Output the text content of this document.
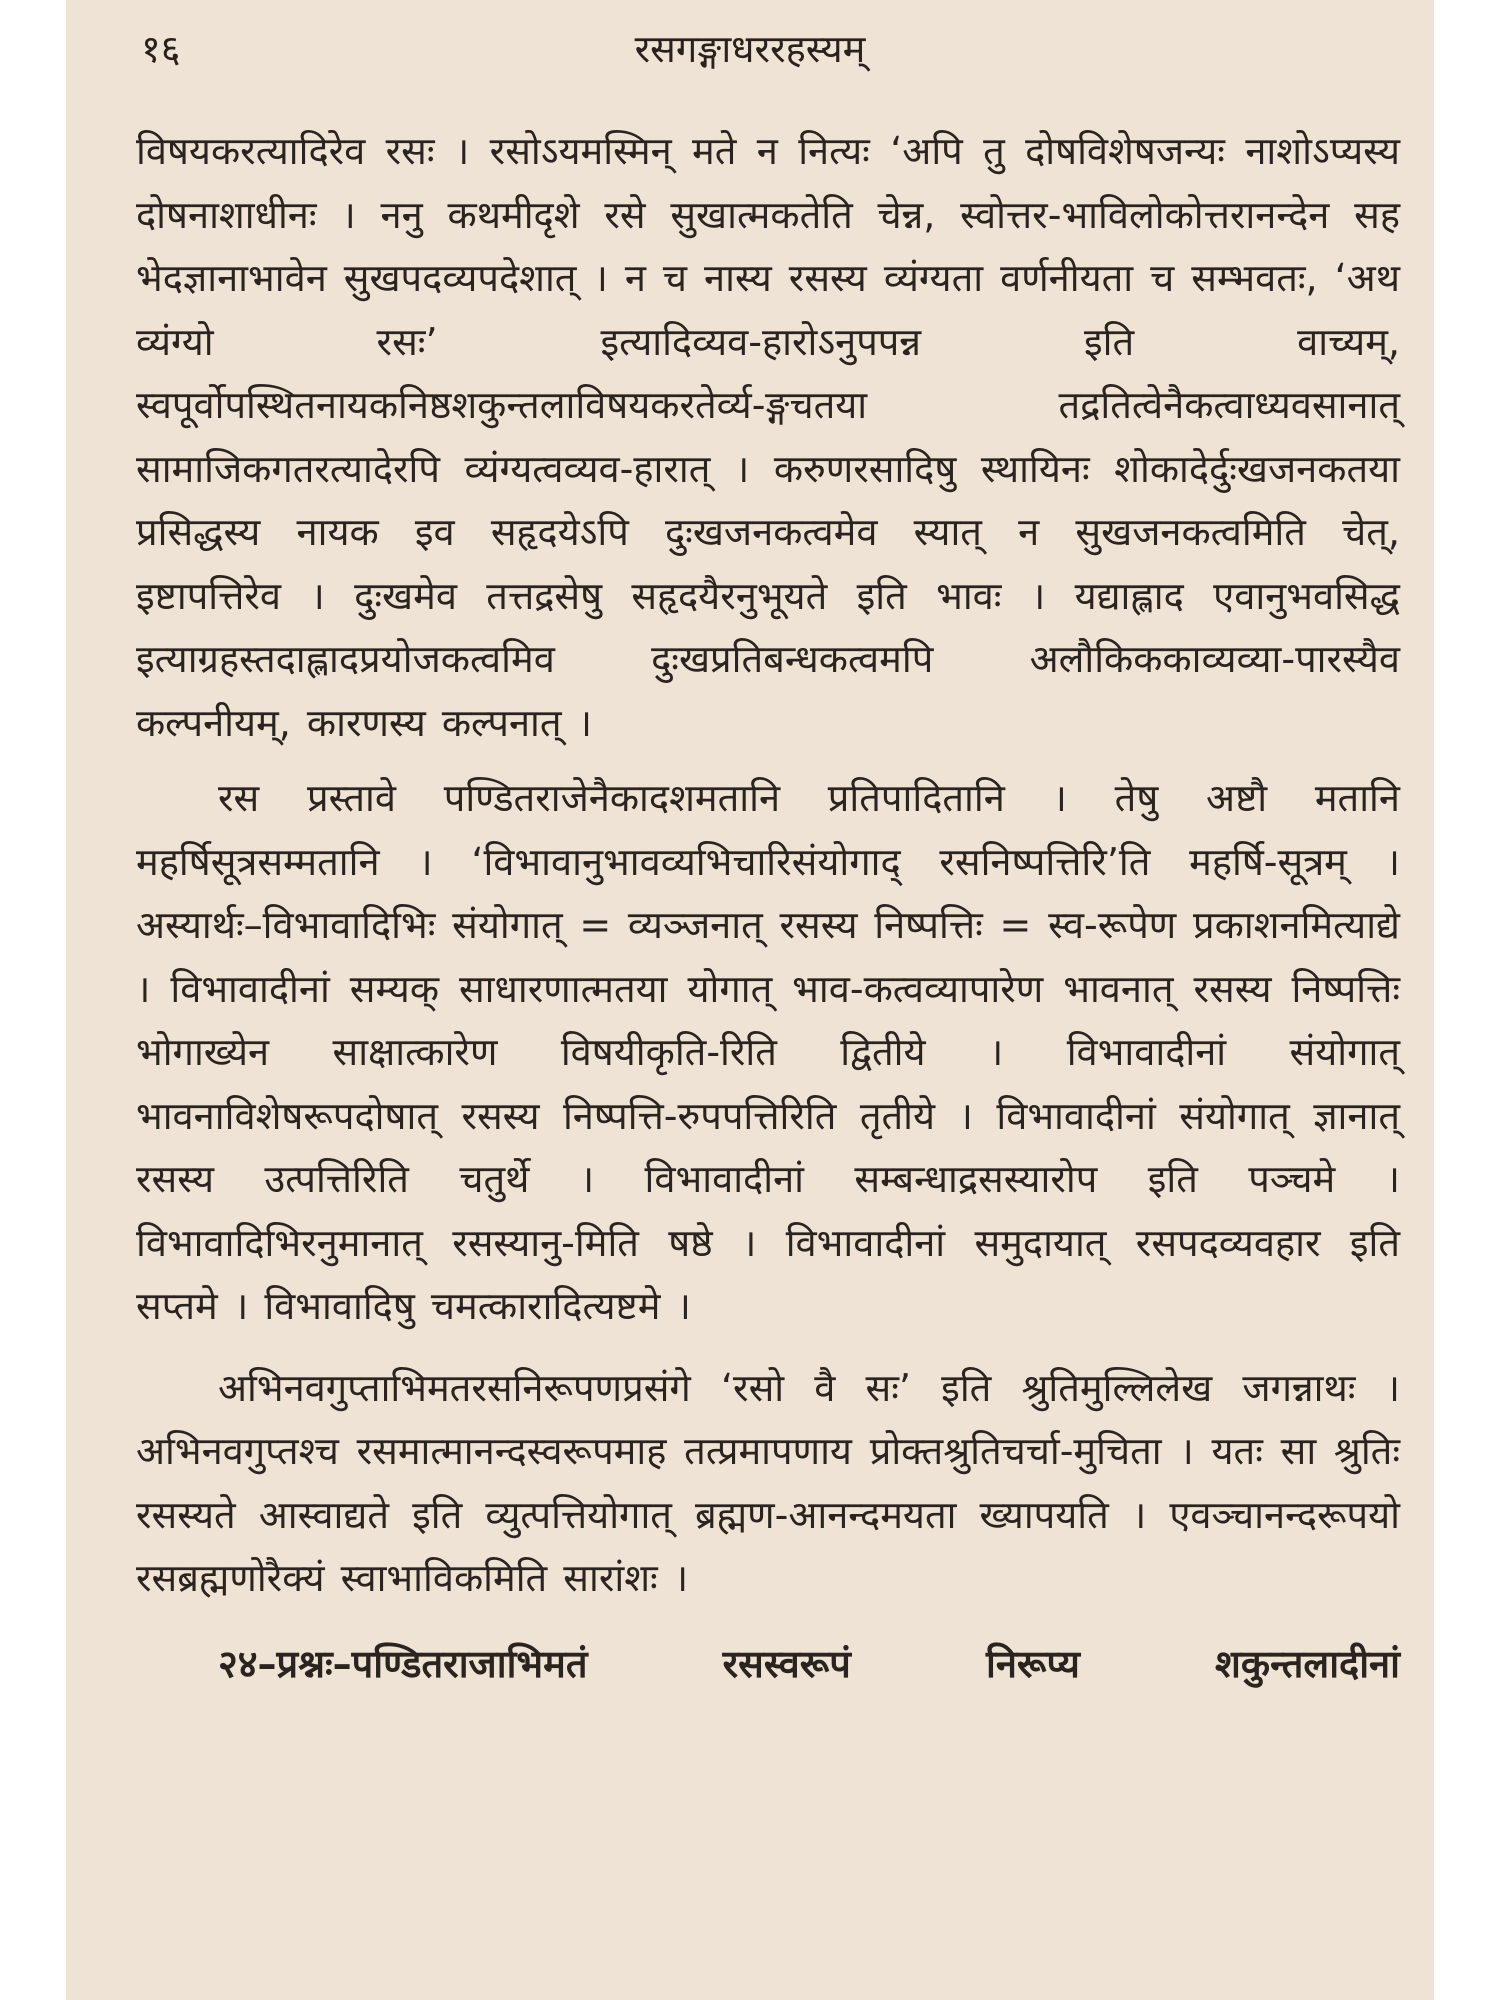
१६	रसगङ्गाधररहस्यम्

विषयकरत्यादिरेव रसः । रसोऽयमस्मिन् मते न नित्यः ‘अपि तु दोषविशेषजन्यः नाशोऽप्यस्य दोषनाशाधीनः । ननु कथमीदृशे रसे सुखात्मकतेति चेन्न, स्वोत्तर-भाविलोकोत्तरानन्देन सह भेदज्ञानाभावेन सुखपदव्यपदेशात् । न च नास्य रसस्य व्यंग्यता वर्णनीयता च सम्भवतः, ‘अथ व्यंग्यो रसः’ इत्यादिव्यव-हारोऽनुपपन्न इति वाच्यम्, स्वपूर्वोपस्थितनायकनिष्ठशकुन्तलाविषयकरतेर्व्य-ङ्गचतया तद्रतित्वेनैकत्वाध्यवसानात् सामाजिकगतरत्यादेरपि व्यंग्यत्वव्यव-हारात् । करुणरसादिषु स्थायिनः शोकादेर्दुःखजनकतया प्रसिद्धस्य नायक इव सहृदयेऽपि दुःखजनकत्वमेव स्यात् न सुखजनकत्वमिति चेत्, इष्टापत्तिरेव । दुःखमेव तत्तद्रसेषु सहृदयैरनुभूयते इति भावः । यद्याह्लाद एवानुभवसिद्ध इत्याग्रहस्तदाह्लादप्रयोजकत्वमिव दुःखप्रतिबन्धकत्वमपि अलौकिककाव्यव्या-पारस्यैव कल्पनीयम्, कारणस्य कल्पनात् ।

रस प्रस्तावे पण्डितराजेनैकादशमतानि प्रतिपादितानि । तेषु अष्टौ मतानि महर्षिसूत्रसम्मतानि । ‘विभावानुभावव्यभिचारिसंयोगाद् रसनिष्पत्तिरि’ति महर्षि-सूत्रम् । अस्यार्थः–विभावादिभिः संयोगात् = व्यञ्जनात् रसस्य निष्पत्तिः = स्व-रूपेण प्रकाशनमित्याद्ये । विभावादीनां सम्यक् साधारणात्मतया योगात् भाव-कत्वव्यापारेण भावनात् रसस्य निष्पत्तिः भोगाख्येन साक्षात्कारेण विषयीकृति-रिति द्वितीये । विभावादीनां संयोगात् भावनाविशेषरूपदोषात् रसस्य निष्पत्ति-रुपपत्तिरिति तृतीये । विभावादीनां संयोगात् ज्ञानात् रसस्य उत्पत्तिरिति चतुर्थे । विभावादीनां सम्बन्धाद्रसस्यारोप इति पञ्चमे । विभावादिभिरनुमानात् रसस्यानु-मिति षष्ठे । विभावादीनां समुदायात् रसपदव्यवहार इति सप्तमे । विभावादिषु चमत्कारादित्यष्टमे ।

अभिनवगुप्ताभिमतरसनिरूपणप्रसंगे ‘रसो वै सः’ इति श्रुतिमुल्लिलेख जगन्नाथः । अभिनवगुप्तश्च रसमात्मानन्दस्वरूपमाह तत्प्रमापणाय प्रोक्तश्रुतिचर्चा-मुचिता । यतः सा श्रुतिः रसस्यते आस्वाद्यते इति व्युत्पत्तियोगात् ब्रह्मण-आनन्दमयता ख्यापयति । एवञ्चानन्दरूपयो रसब्रह्मणोरैक्यं स्वाभाविकमिति सारांशः ।

२४–प्रश्नः–पण्डितराजाभिमतं रसस्वरूपं निरूप्य शकुन्तलादीनां
